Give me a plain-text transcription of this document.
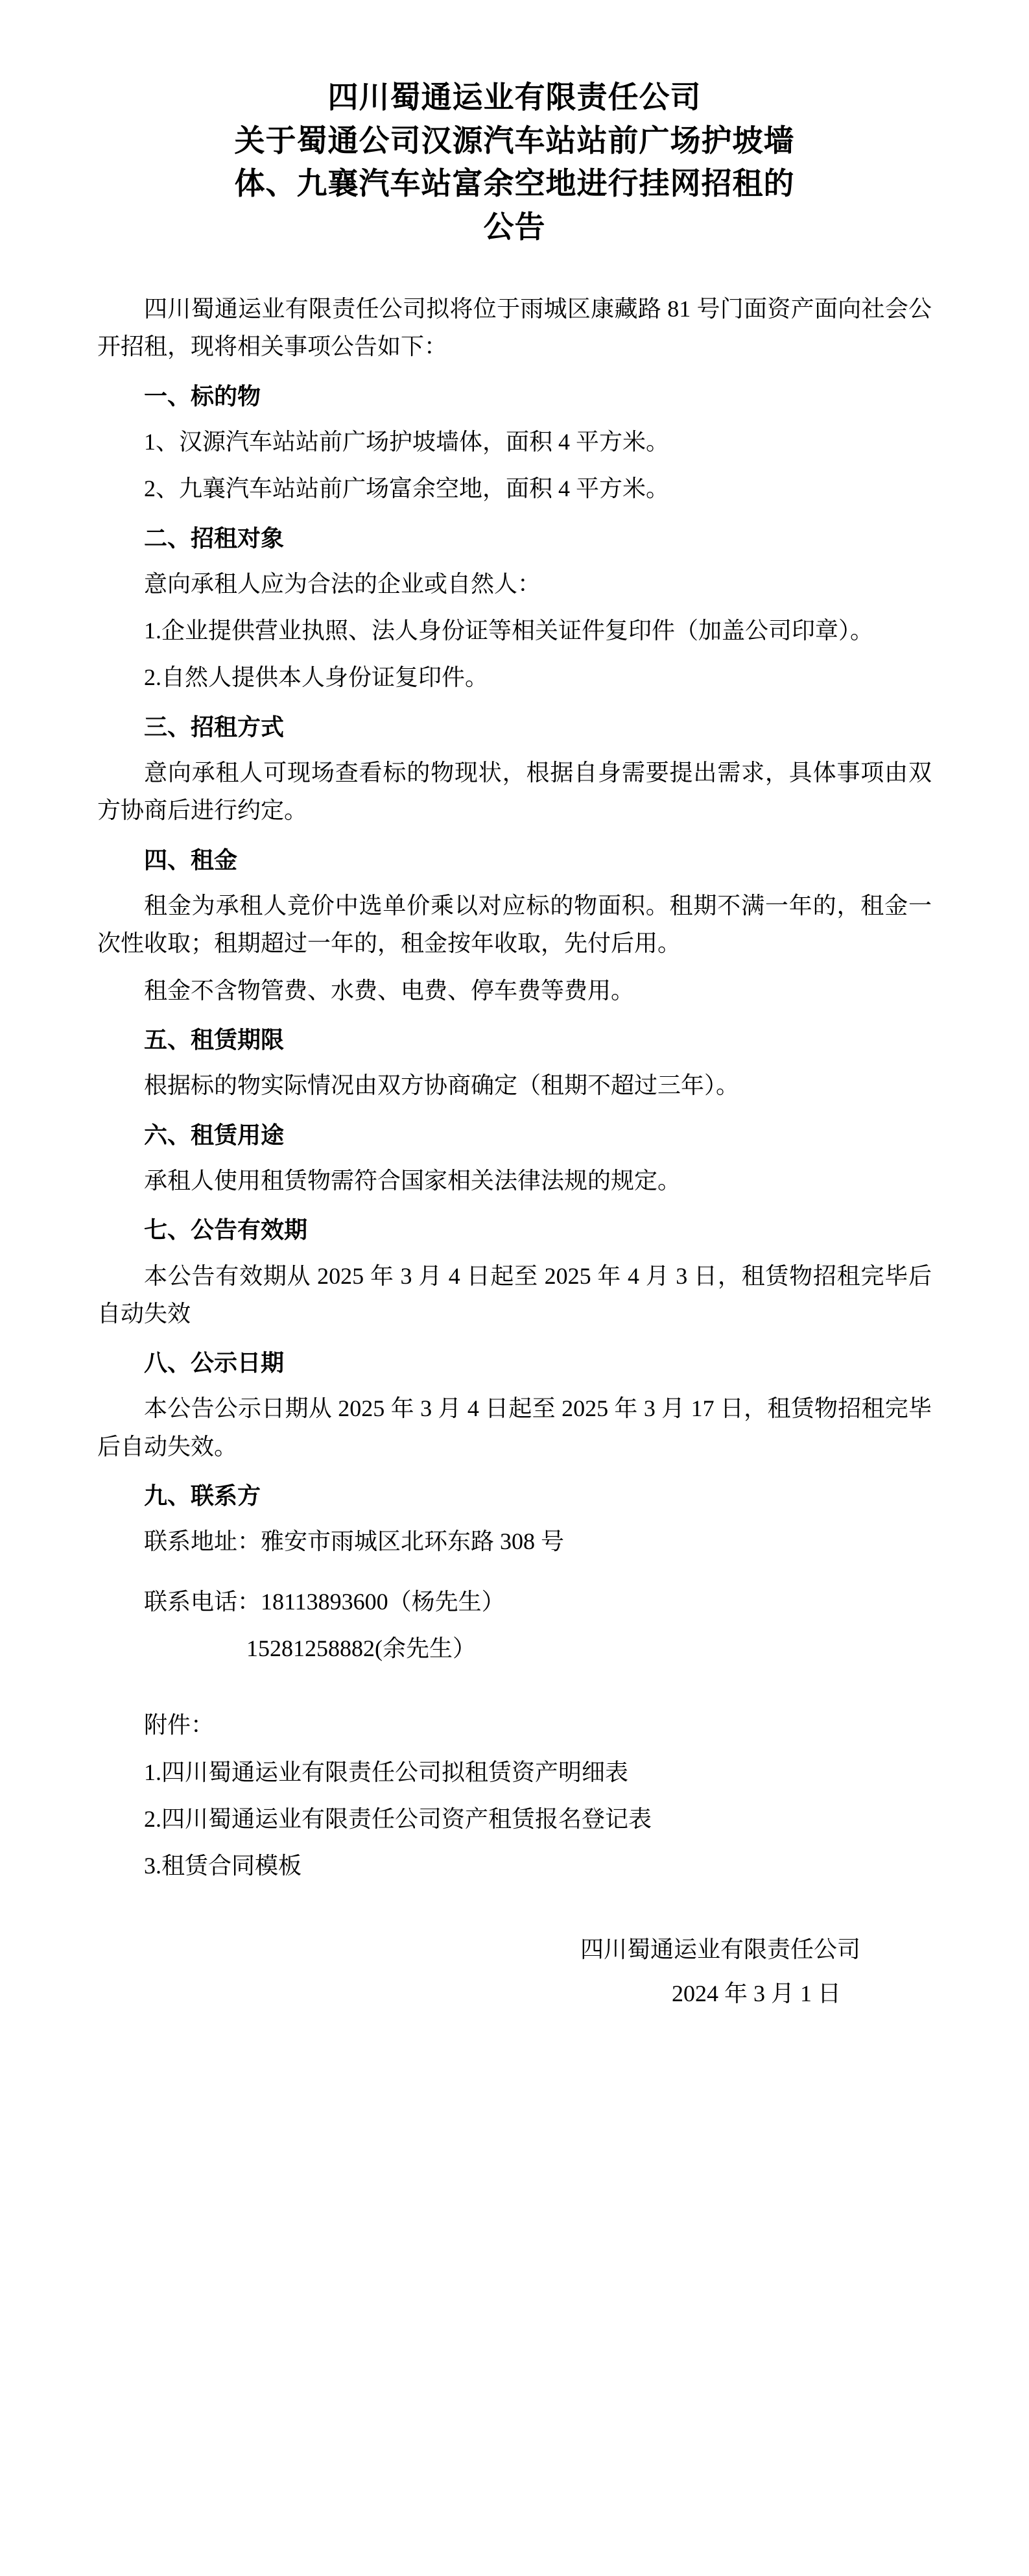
四川蜀通运业有限责任公司
关于蜀通公司汉源汽车站站前广场护坡墙
体、九襄汽车站富余空地进行挂网招租的
公告

四川蜀通运业有限责任公司拟将位于雨城区康藏路 81 号门面资产面向社会公开招租，现将相关事项公告如下：

一、标的物

1、汉源汽车站站前广场护坡墙体，面积 4 平方米。

2、九襄汽车站站前广场富余空地，面积 4 平方米。

二、招租对象

意向承租人应为合法的企业或自然人：

1.企业提供营业执照、法人身份证等相关证件复印件（加盖公司印章）。

2.自然人提供本人身份证复印件。

三、招租方式

意向承租人可现场查看标的物现状，根据自身需要提出需求，具体事项由双方协商后进行约定。

四、租金

租金为承租人竞价中选单价乘以对应标的物面积。租期不满一年的，租金一次性收取；租期超过一年的，租金按年收取，先付后用。

租金不含物管费、水费、电费、停车费等费用。

五、租赁期限

根据标的物实际情况由双方协商确定（租期不超过三年）。

六、租赁用途

承租人使用租赁物需符合国家相关法律法规的规定。

七、公告有效期

本公告有效期从 2025 年 3 月 4 日起至 2025 年 4 月 3 日，租赁物招租完毕后自动失效

八、公示日期

本公告公示日期从 2025 年 3 月 4 日起至 2025 年 3 月 17 日，租赁物招租完毕后自动失效。

九、联系方

联系地址：雅安市雨城区北环东路 308 号

联系电话：18113893600（杨先生）

15281258882(余先生）

附件：

1.四川蜀通运业有限责任公司拟租赁资产明细表

2.四川蜀通运业有限责任公司资产租赁报名登记表

3.租赁合同模板

四川蜀通运业有限责任公司

2024 年 3 月 1 日
